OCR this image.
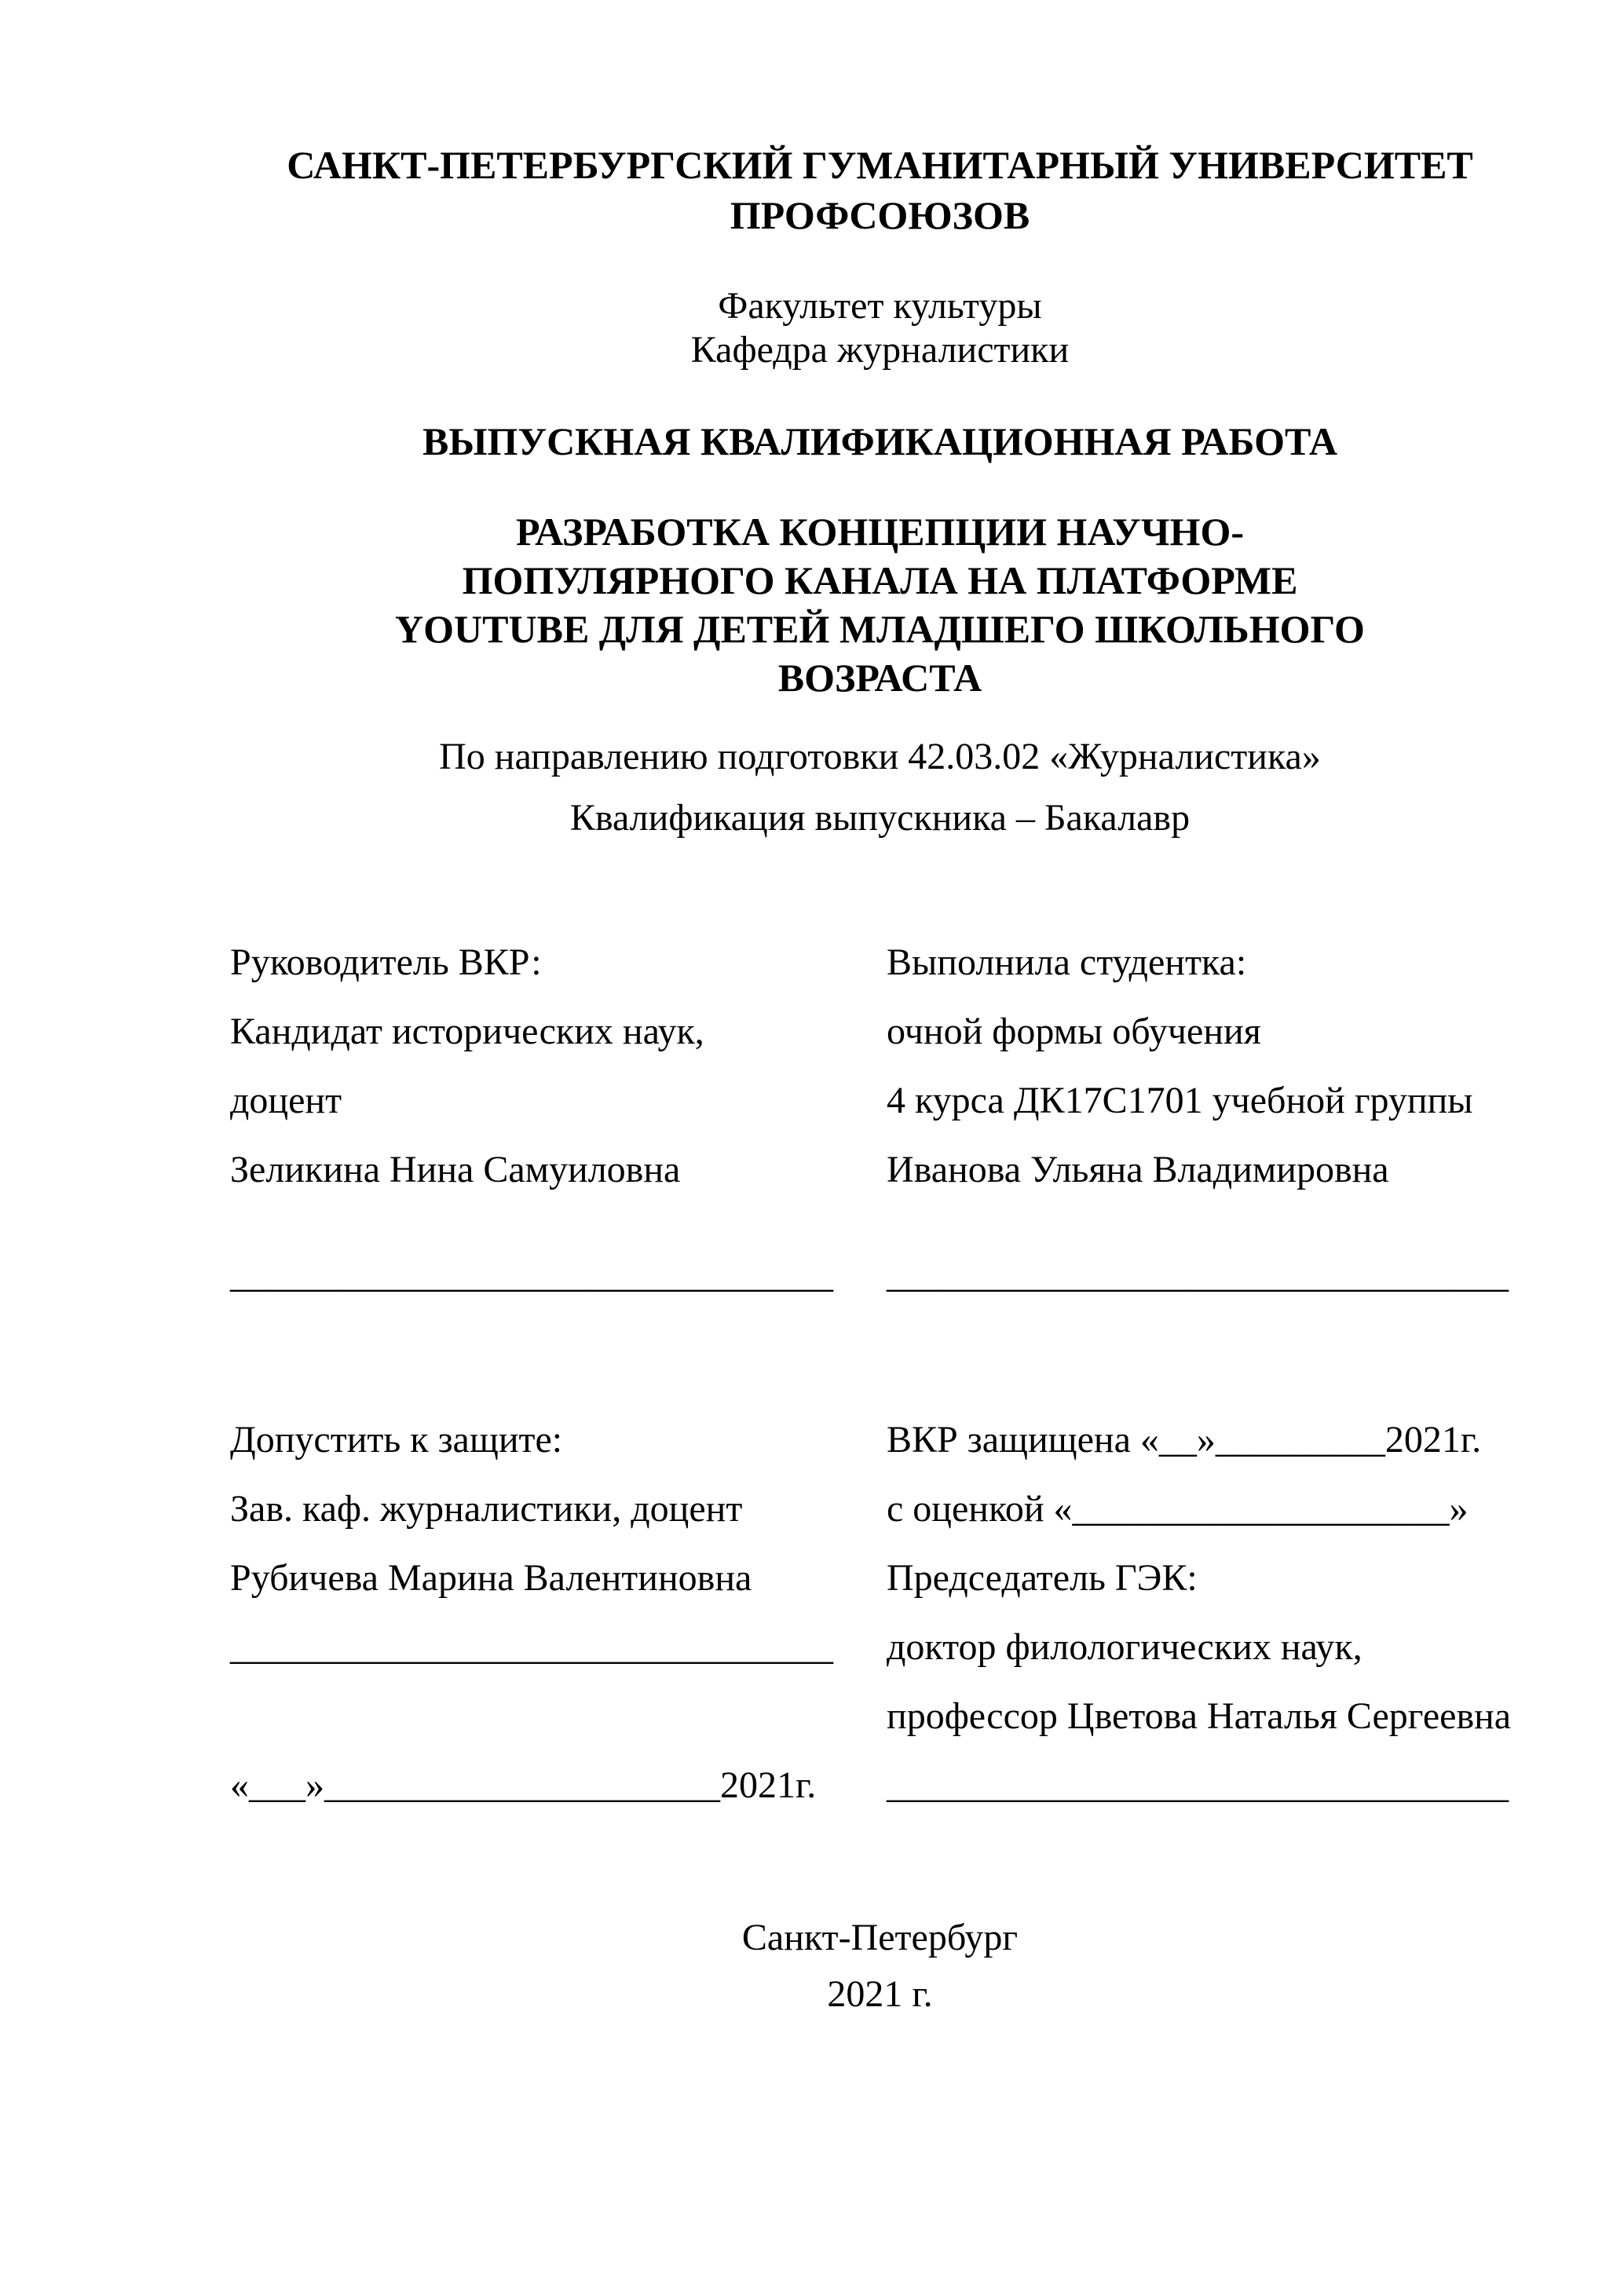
САНКТ-ПЕТЕРБУРГСКИЙ ГУМАНИТАРНЫЙ УНИВЕРСИТЕТ
ПРОФСОЮЗОВ
Факультет культуры
Кафедра журналистики
ВЫПУСКНАЯ КВАЛИФИКАЦИОННАЯ РАБОТА
РАЗРАБОТКА КОНЦЕПЦИИ НАУЧНО-
ПОПУЛЯРНОГО КАНАЛА НА ПЛАТФОРМЕ
YOUTUBE ДЛЯ ДЕТЕЙ МЛАДШЕГО ШКОЛЬНОГО
ВОЗРАСТА
По направлению подготовки 42.03.02 «Журналистика»
Квалификация выпускника – Бакалавр
Руководитель ВКР:
Кандидат исторических наук,
доцент
Зеликина Нина Самуиловна
Выполнила студентка:
очной формы обучения
4 курса ДК17С1701 учебной группы
Иванова Ульяна Владимировна
________________________________	_________________________________
Допустить к защите:
Зав. каф. журналистики, доцент
Рубичева Марина Валентиновна
________________________________

«___»_____________________2021г.
ВКР защищена «__»_________2021г.
с оценкой «____________________»
Председатель ГЭК:
доктор филологических наук,
профессор Цветова Наталья Сергеевна
_________________________________
Санкт-Петербург
2021 г.
